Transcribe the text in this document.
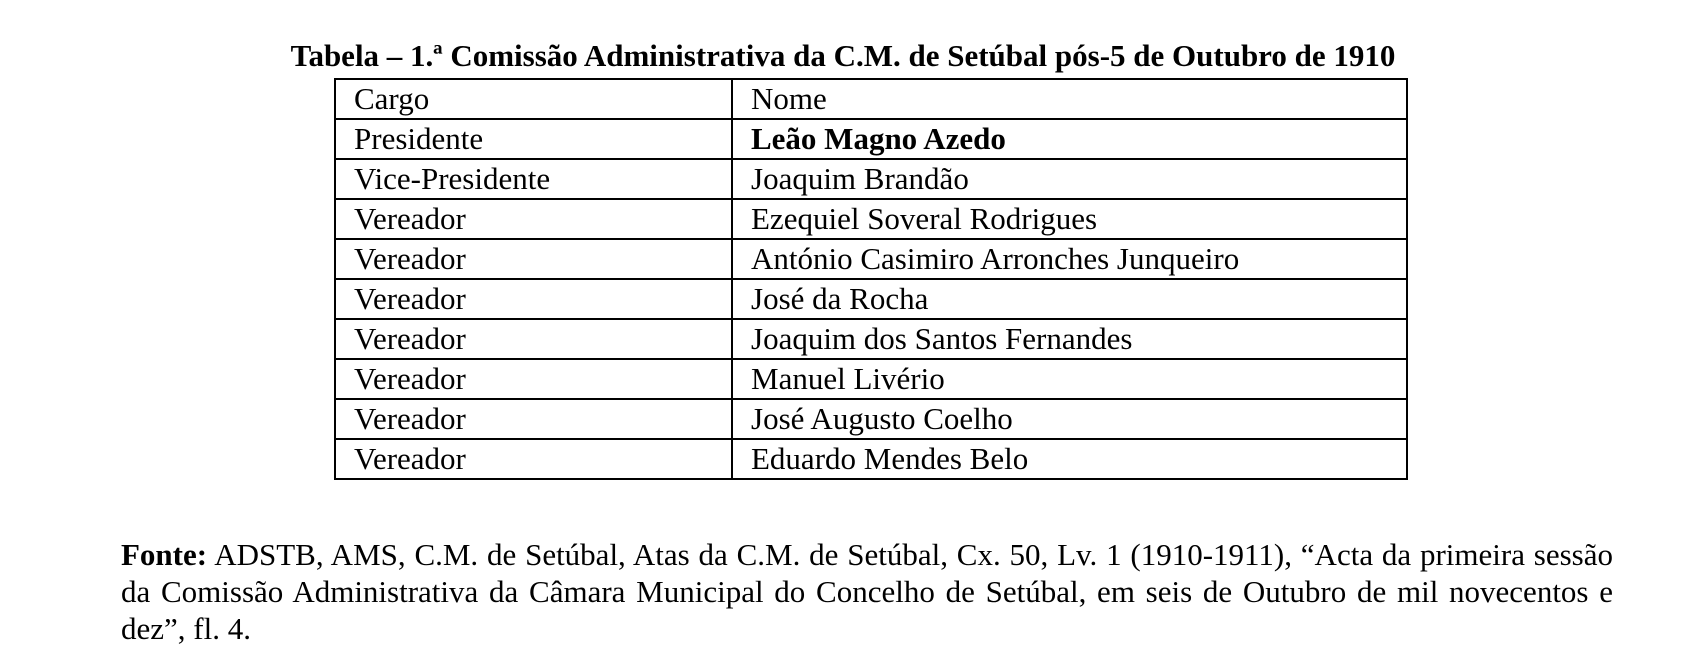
Tabela – 1.ª Comissão Administrativa da C.M. de Setúbal pós-5 de Outubro de 1910
Cargo	Nome
Presidente	Leão Magno Azedo
Vice-Presidente	Joaquim Brandão
Vereador	Ezequiel Soveral Rodrigues
Vereador	António Casimiro Arronches Junqueiro
Vereador	José da Rocha
Vereador	Joaquim dos Santos Fernandes
Vereador	Manuel Livério
Vereador	José Augusto Coelho
Vereador	Eduardo Mendes Belo

Fonte: ADSTB, AMS, C.M. de Setúbal, Atas da C.M. de Setúbal, Cx. 50, Lv. 1 (1910-1911), “Acta da primeira sessão da Comissão Administrativa da Câmara Municipal do Concelho de Setúbal, em seis de Outubro de mil novecentos e dez”, fl. 4.
